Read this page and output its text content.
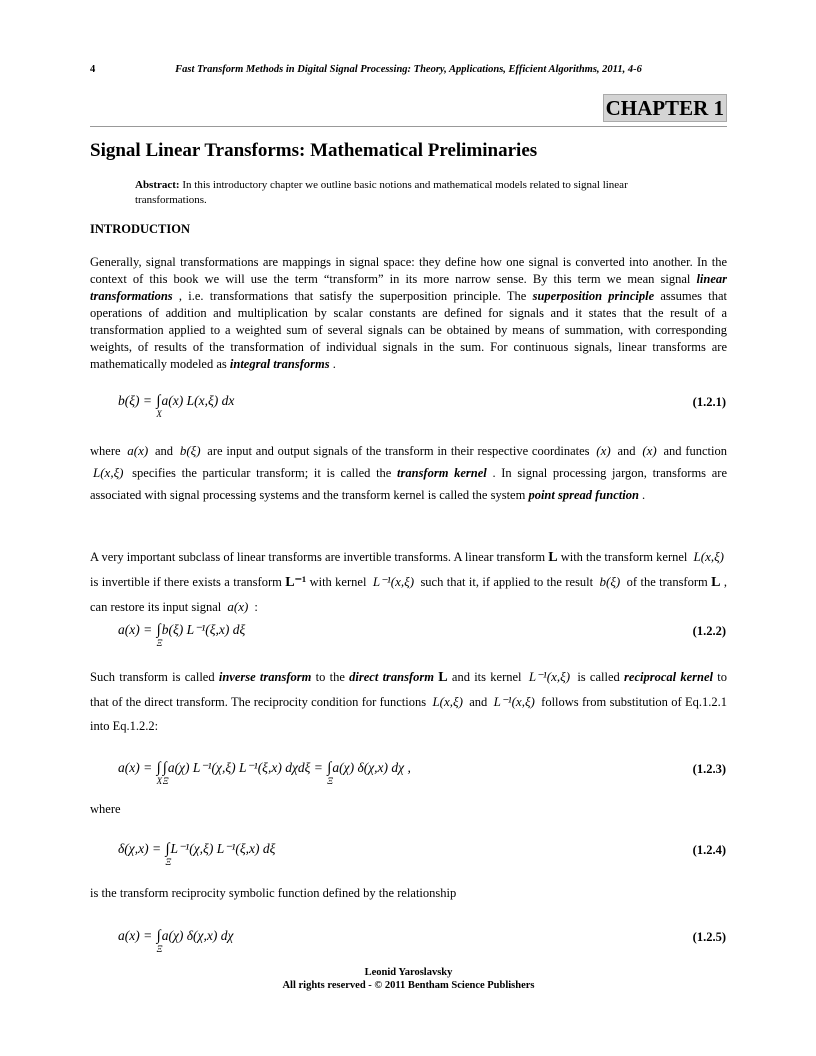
4	Fast Transform Methods in Digital Signal Processing: Theory, Applications, Efficient Algorithms, 2011, 4-6
CHAPTER 1
Signal Linear Transforms: Mathematical Preliminaries
Abstract: In this introductory chapter we outline basic notions and mathematical models related to signal linear transformations.
INTRODUCTION
Generally, signal transformations are mappings in signal space: they define how one signal is converted into another. In the context of this book we will use the term “transform” in its more narrow sense. By this term we mean signal linear transformations , i.e. transformations that satisfy the superposition principle. The superposition principle assumes that operations of addition and multiplication by scalar constants are defined for signals and it states that the result of a transformation applied to a weighted sum of several signals can be obtained by means of summation, with corresponding weights, of results of the transformation of individual signals in the sum. For continuous signals, linear transforms are mathematically modeled as integral transforms .
where a(x) and b(ξ) are input and output signals of the transform in their respective coordinates (x) and (x) and function L(x,ξ) specifies the particular transform; it is called the transform kernel . In signal processing jargon, transforms are associated with signal processing systems and the transform kernel is called the system point spread function .
A very important subclass of linear transforms are invertible transforms. A linear transform L with the transform kernel L(x,ξ) is invertible if there exists a transform L⁻¹ with kernel L⁻¹(x,ξ) such that it, if applied to the result b(ξ) of the transform L , can restore its input signal a(x) :
Such transform is called inverse transform to the direct transform L and its kernel L⁻¹(x,ξ) is called reciprocal kernel to that of the direct transform. The reciprocity condition for functions L(x,ξ) and L⁻¹(x,ξ) follows from substitution of Eq.1.2.1 into Eq.1.2.2:
where
is the transform reciprocity symbolic function defined by the relationship
b(ξ) = ∫
X
a(x) L(x,ξ) dx	(1.2.1)
a(x) = ∫
Ξ
b(ξ) L⁻¹(ξ,x) dξ	(1.2.2)
a(x) = ∫
X
∫
Ξ
a(χ) L⁻¹(χ,ξ) L⁻¹(ξ,x) dχdξ = ∫
Ξ
a(χ) δ(χ,x) dχ ,	(1.2.3)
δ(χ,x) = ∫
Ξ
L⁻¹(χ,ξ) L⁻¹(ξ,x) dξ	(1.2.4)
a(x) = ∫
Ξ
a(χ) δ(χ,x) dχ	(1.2.5)
Leonid Yaroslavsky
All rights reserved - © 2011 Bentham Science Publishers
